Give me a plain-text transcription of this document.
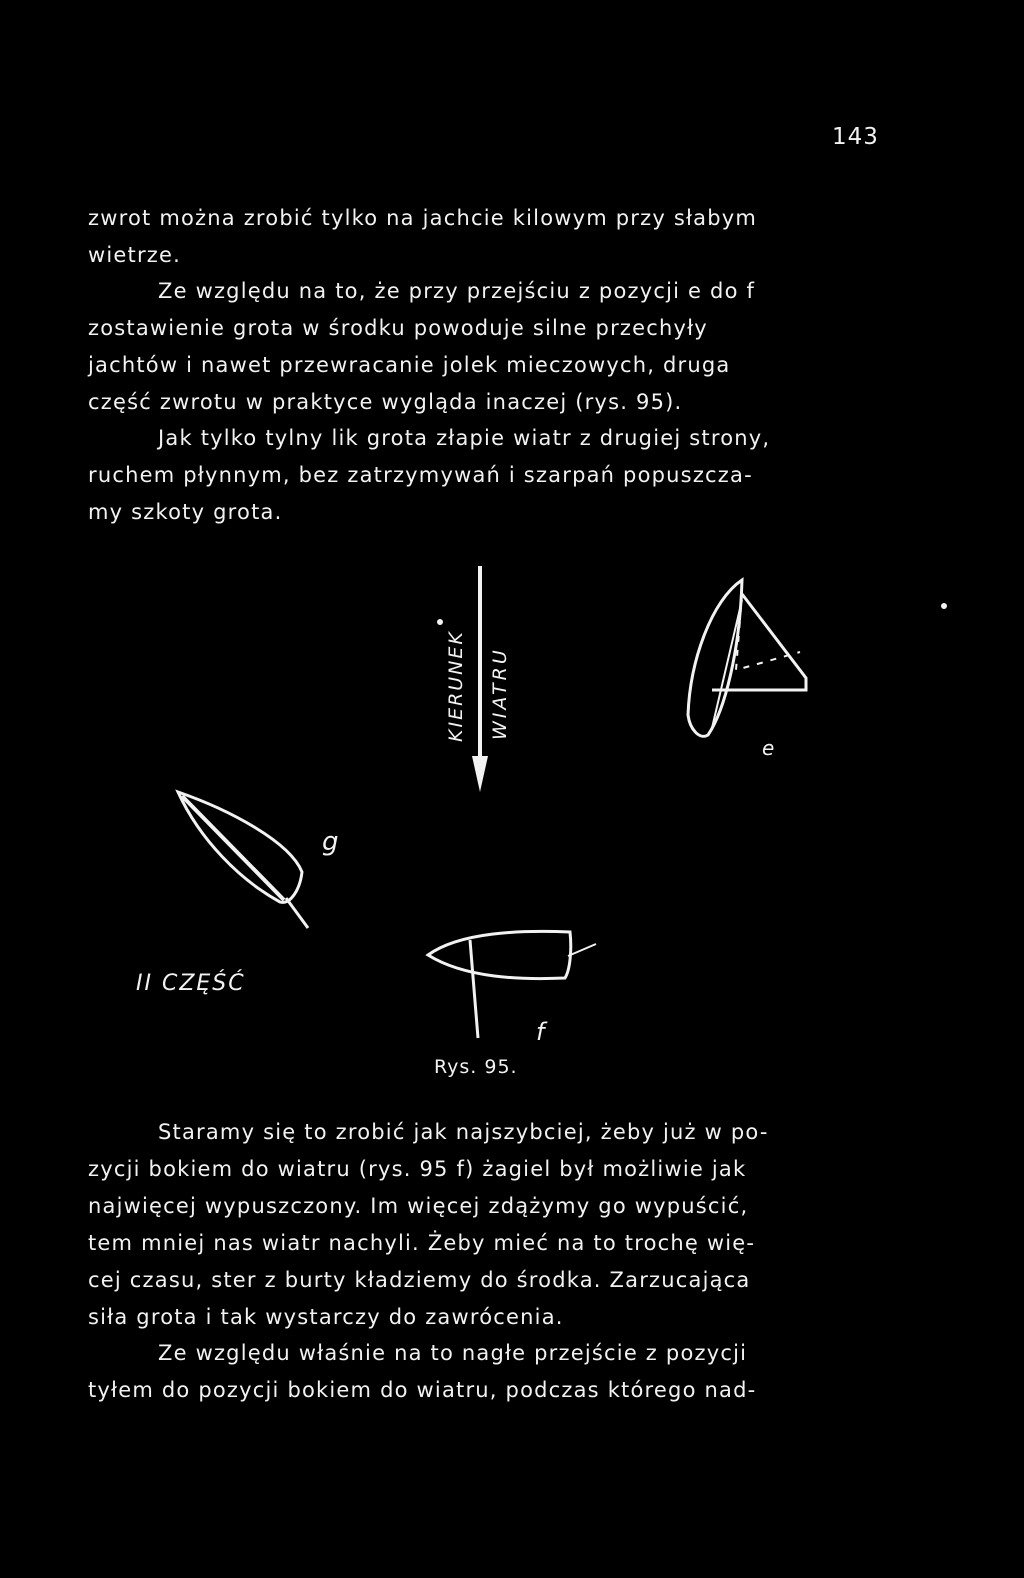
143

zwrot można zrobić tylko na jachcie kilowym przy słabym
wietrze.

Ze względu na to, że przy przejściu z pozycji e do f
zostawienie grota w środku powoduje silne przechyły
jachtów i nawet przewracanie jolek mieczowych, druga
część zwrotu w praktyce wygląda inaczej (rys. 95).

Jak tylko tylny lik grota złapie wiatr z drugiej strony,
ruchem płynnym, bez zatrzymywań i szarpań popuszcza-
my szkoty grota.

KIERUNEK WIATRU
e
g
f
II CZĘŚĆ
Rys. 95.

Staramy się to zrobić jak najszybciej, żeby już w po-
zycji bokiem do wiatru (rys. 95 f) żagiel był możliwie jak
najwięcej wypuszczony. Im więcej zdążymy go wypuścić,
tem mniej nas wiatr nachyli. Żeby mieć na to trochę wię-
cej czasu, ster z burty kładziemy do środka. Zarzucająca
siła grota i tak wystarczy do zawrócenia.

Ze względu właśnie na to nagłe przejście z pozycji
tyłem do pozycji bokiem do wiatru, podczas którego nad-
